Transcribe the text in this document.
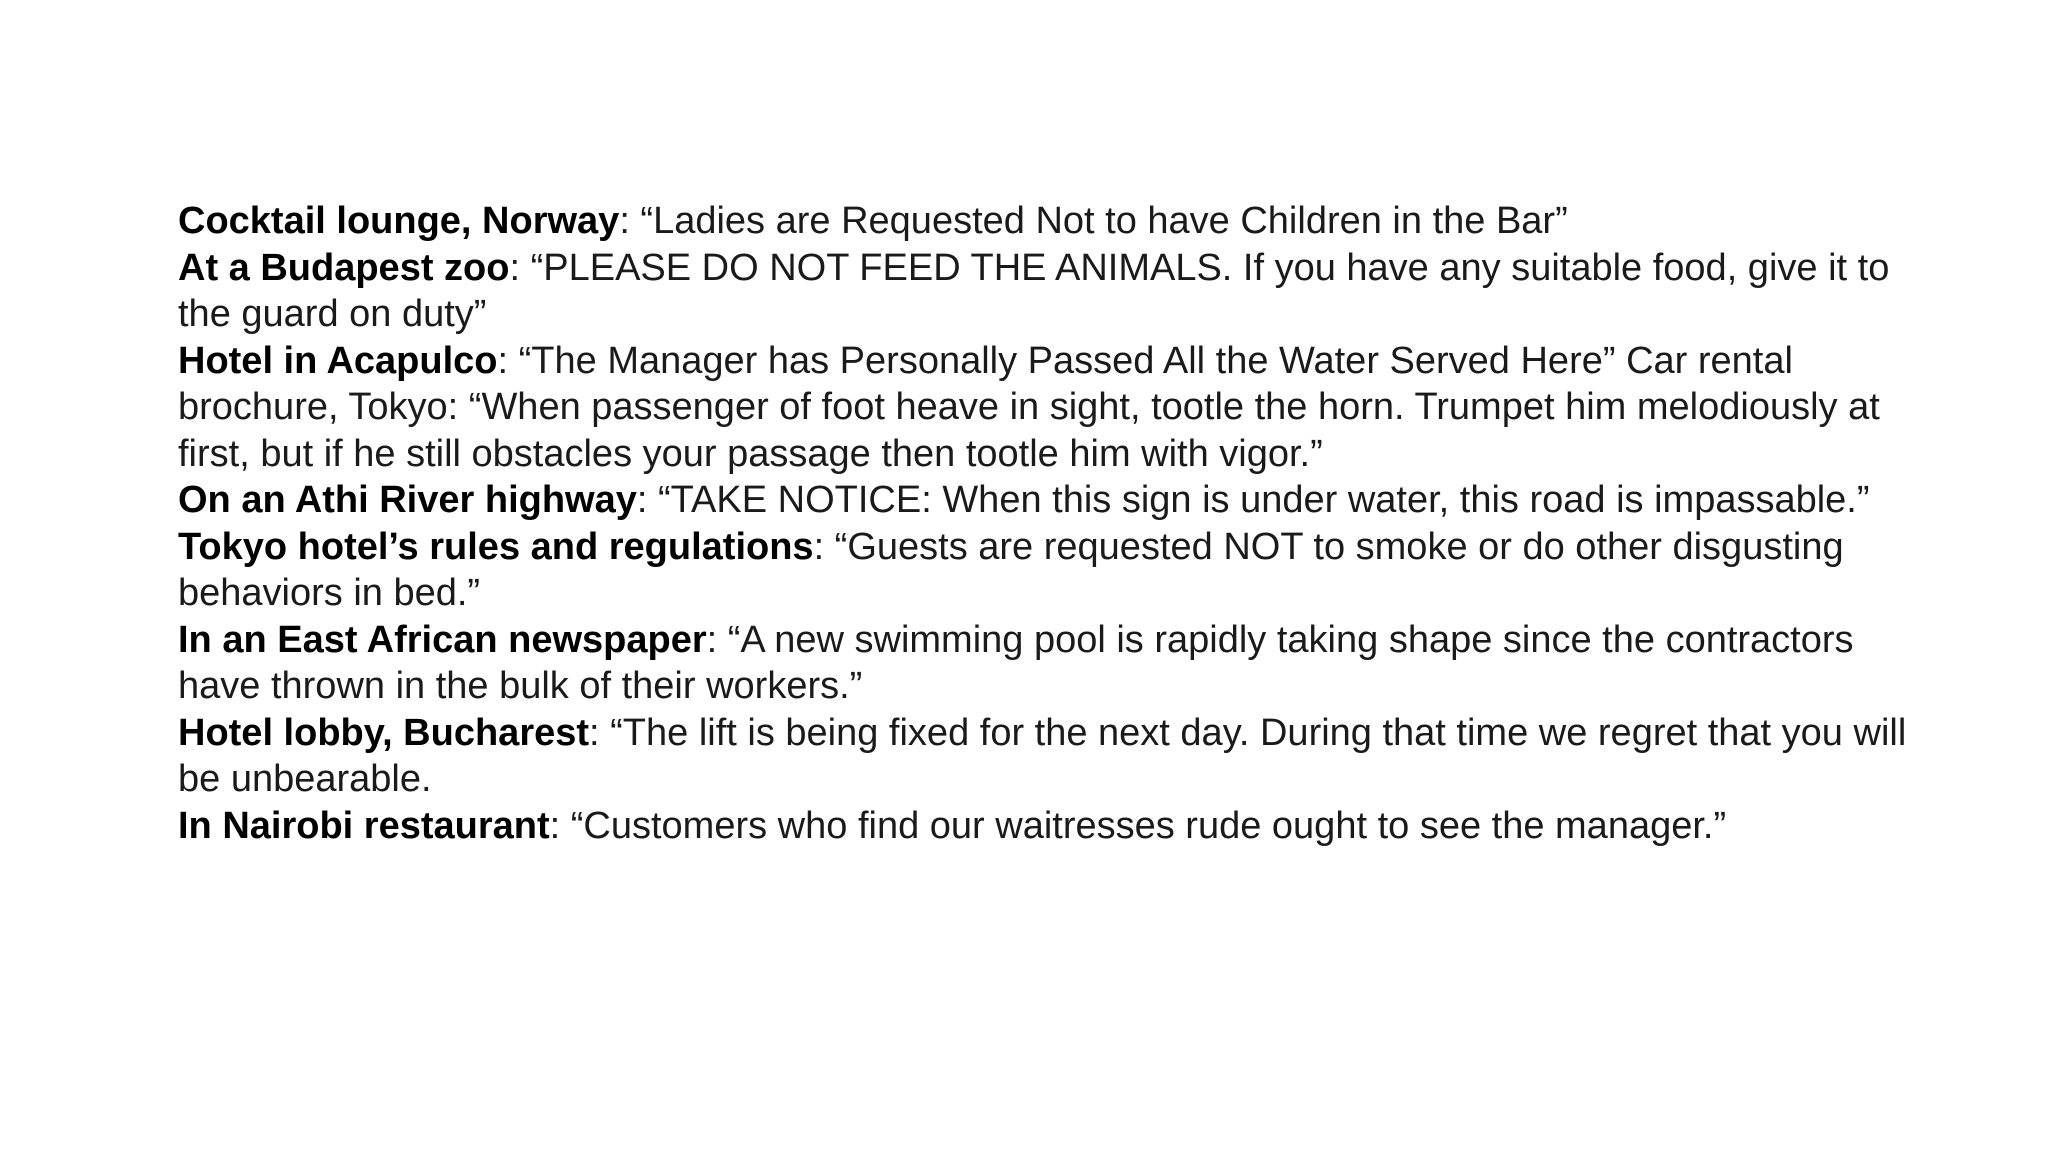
Cocktail lounge, Norway: “Ladies are Requested Not to have Children in the Bar”

At a Budapest zoo: “PLEASE DO NOT FEED THE ANIMALS. If you have any suitable food, give it to the guard on duty”

Hotel in Acapulco: “The Manager has Personally Passed All the Water Served Here” Car rental brochure, Tokyo: “When passenger of foot heave in sight, tootle the horn. Trumpet him melodiously at first, but if he still obstacles your passage then tootle him with vigor.”

On an Athi River highway: “TAKE NOTICE: When this sign is under water, this road is impassable.”

Tokyo hotel’s rules and regulations: “Guests are requested NOT to smoke or do other disgusting behaviors in bed.”

In an East African newspaper: “A new swimming pool is rapidly taking shape since the contractors have thrown in the bulk of their workers.”

Hotel lobby, Bucharest: “The lift is being fixed for the next day. During that time we regret that you will be unbearable.

In Nairobi restaurant: “Customers who find our waitresses rude ought to see the manager.”
